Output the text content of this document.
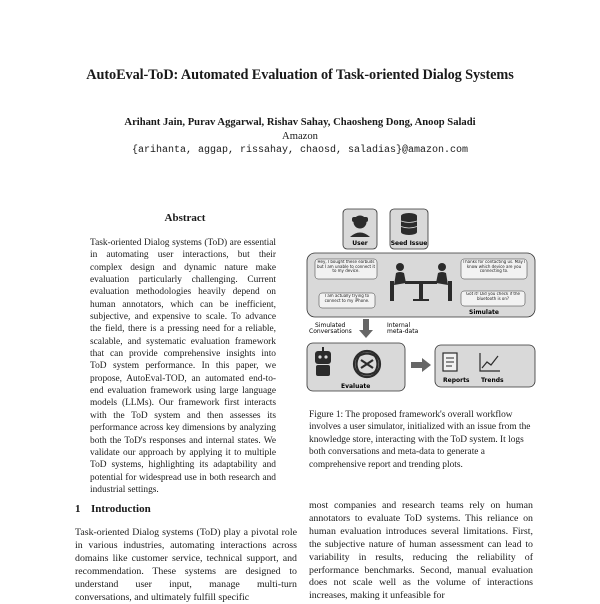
AutoEval-ToD: Automated Evaluation of Task-oriented Dialog Systems
Arihant Jain, Purav Aggarwal, Rishav Sahay, Chaosheng Dong, Anoop Saladi
Amazon
{arihanta, aggap, rissahay, chaosd, saladias}@amazon.com
Abstract
Task-oriented Dialog systems (ToD) are essential in automating user interactions, but their complex design and dynamic nature make evaluation particularly challenging. Current evaluation methodologies heavily depend on human annotators, which can be inefficient, subjective, and expensive to scale. To advance the field, there is a pressing need for a reliable, scalable, and systematic evaluation framework that can provide comprehensive insights into ToD system performance. In this paper, we propose, AutoEval-TOD, an automated end-to-end evaluation framework using large language models (LLMs). Our framework first interacts with the ToD system and then assesses its performance across key dimensions by analyzing both the ToD's responses and internal states. We validate our approach by applying it to multiple ToD systems, highlighting its adaptability and potential for widespread use in both research and industrial settings.
1 Introduction
Task-oriented Dialog systems (ToD) play a pivotal role in various industries, automating interactions across domains like customer service, technical support, and recommendation. These systems are designed to understand user input, manage multi-turn conversations, and ultimately fulfill specific
User	Seed Issue
Hey, I bought these earbuds but I am unable to connect it to my device.
Thanks for contacting us. May I know which device are you connecting to.
I am actually trying to connect to my iPhone.
Got it! Did you check if the bluetooth is on?
Simulate
Simulated Conversations
Internal meta-data
Evaluate
Reports Trends
Figure 1: The proposed framework's overall workflow involves a user simulator, initialized with an issue from the knowledge store, interacting with the ToD system. It logs both conversations and meta-data to generate a comprehensive report and trending plots.
most companies and research teams rely on human annotators to evaluate ToD systems. This reliance on human evaluation introduces several limitations. First, the subjective nature of human assessment can lead to variability in results, reducing the reliability of performance benchmarks. Second, manual evaluation does not scale well as the volume of interactions increases, making it unfeasible for
